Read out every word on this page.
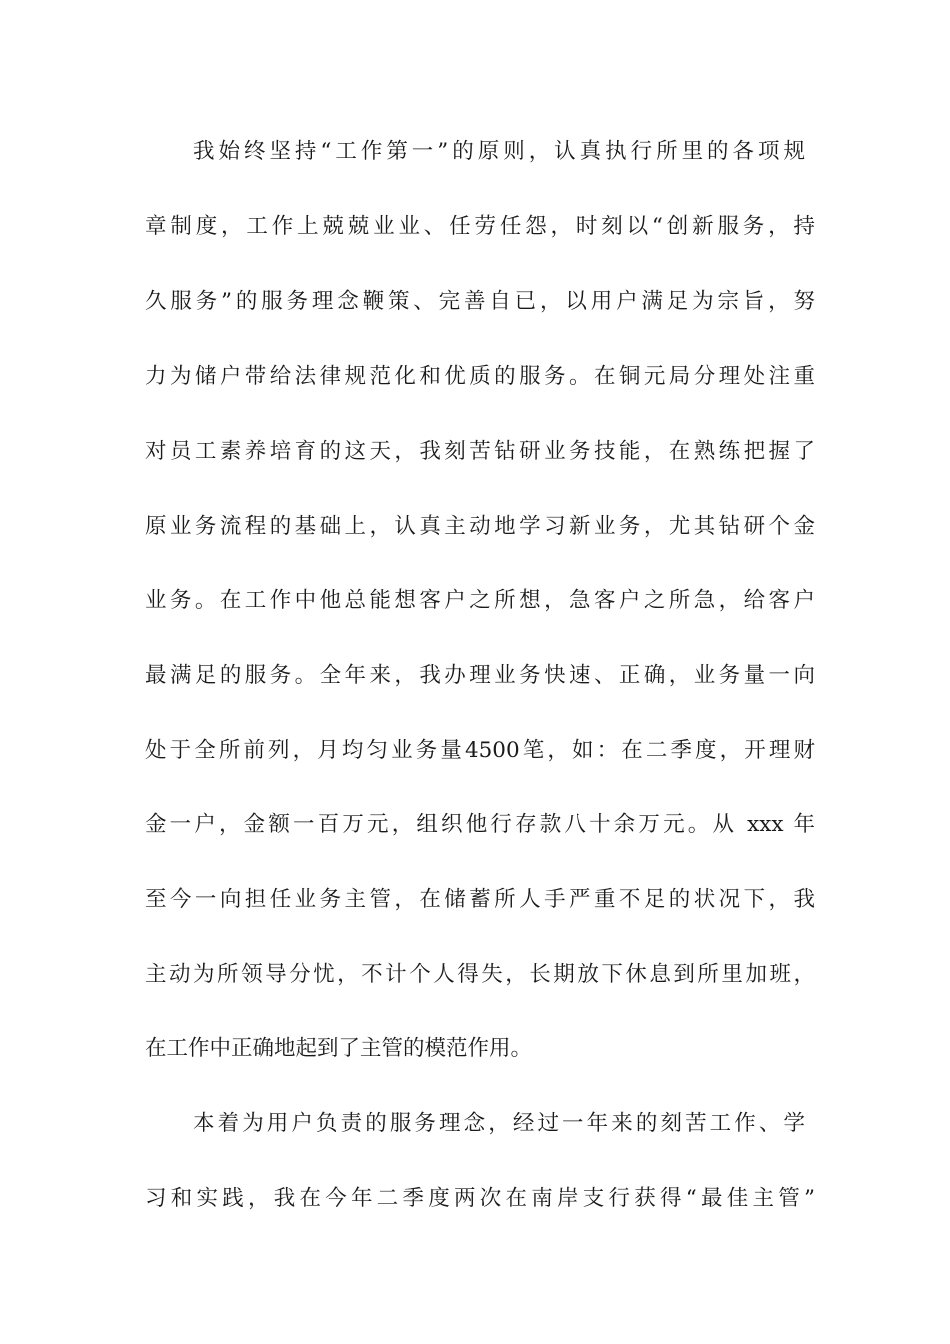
我始终坚持“工作第一”的原则，认真执行所里的各项规
章制度，工作上兢兢业业、任劳任怨，时刻以“创新服务，持
久服务”的服务理念鞭策、完善自已，以用户满足为宗旨，努
力为储户带给法律规范化和优质的服务。在铜元局分理处注重
对员工素养培育的这天，我刻苦钻研业务技能，在熟练把握了
原业务流程的基础上，认真主动地学习新业务，尤其钻研个金
业务。在工作中他总能想客户之所想，急客户之所急，给客户
最满足的服务。全年来，我办理业务快速、正确，业务量一向
处于全所前列，月均匀业务量4500笔，如：在二季度，开理财
金一户，金额一百万元，组织他行存款八十余万元。从 xxx 年
至今一向担任业务主管，在储蓄所人手严重不足的状况下，我
主动为所领导分忧，不计个人得失，长期放下休息到所里加班，
在工作中正确地起到了主管的模范作用。
本着为用户负责的服务理念，经过一年来的刻苦工作、学
习和实践，我在今年二季度两次在南岸支行获得“最佳主管”
